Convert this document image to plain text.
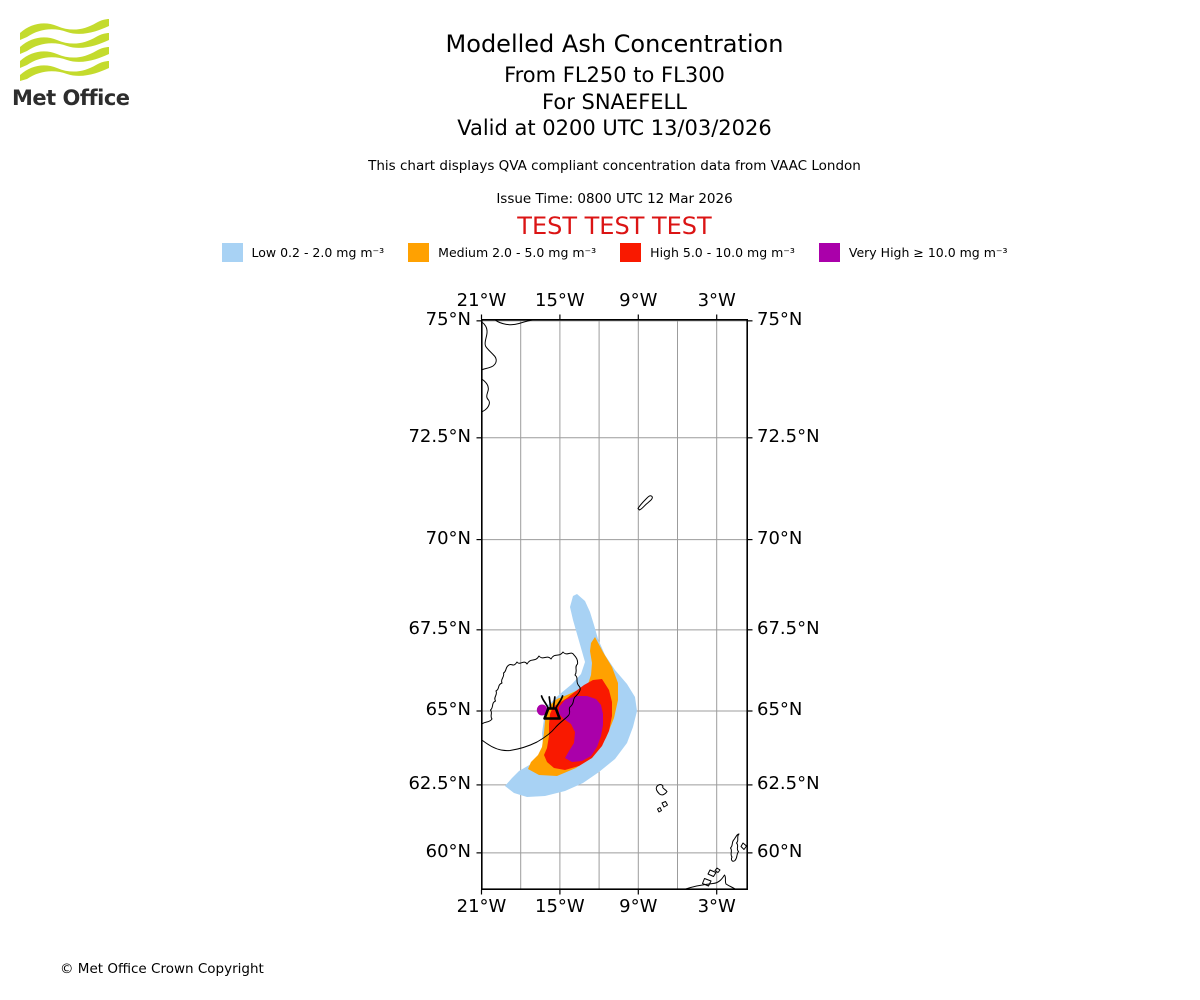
Met Office
Modelled Ash Concentration
From FL250 to FL300
For SNAEFELL
Valid at 0200 UTC 13/03/2026
This chart displays QVA compliant concentration data from VAAC London
Issue Time: 0800 UTC 12 Mar 2026
TEST TEST TEST
Low 0.2 - 2.0 mg m⁻³	Medium 2.0 - 5.0 mg m⁻³	High 5.0 - 10.0 mg m⁻³	Very High ≥ 10.0 mg m⁻³
21°W
21°W
15°W
15°W
9°W
9°W
3°W
3°W
75°N	75°N
72.5°N	72.5°N
70°N	70°N
67.5°N	67.5°N
65°N	65°N
62.5°N	62.5°N
60°N	60°N
© Met Office Crown Copyright
